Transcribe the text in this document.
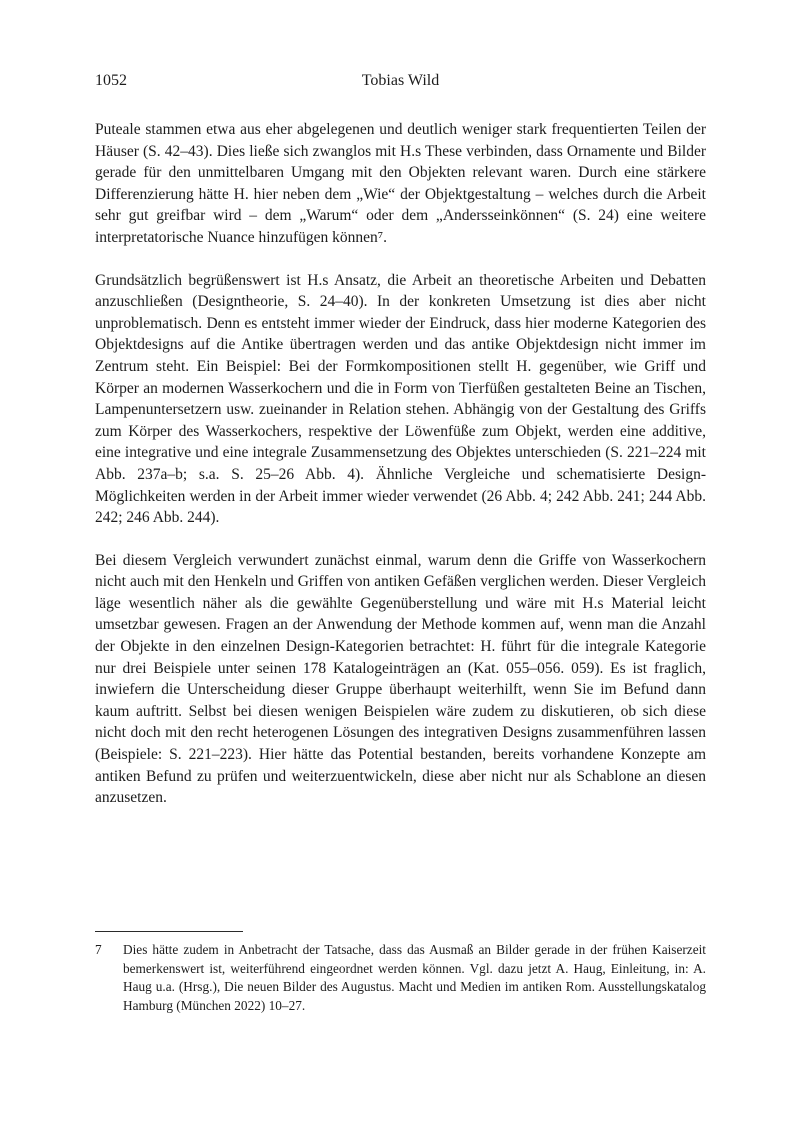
1052	Tobias Wild

Puteale stammen etwa aus eher abgelegenen und deutlich weniger stark frequentierten Teilen der Häuser (S. 42–43). Dies ließe sich zwanglos mit H.s These verbinden, dass Ornamente und Bilder gerade für den unmittelbaren Umgang mit den Objekten relevant waren. Durch eine stärkere Differenzierung hätte H. hier neben dem „Wie“ der Objektgestaltung – welches durch die Arbeit sehr gut greifbar wird – dem „Warum“ oder dem „Andersseinkönnen“ (S. 24) eine weitere interpretatorische Nuance hinzufügen können⁷.

Grundsätzlich begrüßenswert ist H.s Ansatz, die Arbeit an theoretische Arbeiten und Debatten anzuschließen (Designtheorie, S. 24–40). In der konkreten Umsetzung ist dies aber nicht unproblematisch. Denn es entsteht immer wieder der Eindruck, dass hier moderne Kategorien des Objektdesigns auf die Antike übertragen werden und das antike Objektdesign nicht immer im Zentrum steht. Ein Beispiel: Bei der Formkompositionen stellt H. gegenüber, wie Griff und Körper an modernen Wasserkochern und die in Form von Tierfüßen gestalteten Beine an Tischen, Lampenuntersetzern usw. zueinander in Relation stehen. Abhängig von der Gestaltung des Griffs zum Körper des Wasserkochers, respektive der Löwenfüße zum Objekt, werden eine additive, eine integrative und eine integrale Zusammensetzung des Objektes unterschieden (S. 221–224 mit Abb. 237a–b; s.a. S. 25–26 Abb. 4). Ähnliche Vergleiche und schematisierte Design-Möglichkeiten werden in der Arbeit immer wieder verwendet (26 Abb. 4; 242 Abb. 241; 244 Abb. 242; 246 Abb. 244).

Bei diesem Vergleich verwundert zunächst einmal, warum denn die Griffe von Wasserkochern nicht auch mit den Henkeln und Griffen von antiken Gefäßen verglichen werden. Dieser Vergleich läge wesentlich näher als die gewählte Gegenüberstellung und wäre mit H.s Material leicht umsetzbar gewesen. Fragen an der Anwendung der Methode kommen auf, wenn man die Anzahl der Objekte in den einzelnen Design-Kategorien betrachtet: H. führt für die integrale Kategorie nur drei Beispiele unter seinen 178 Katalogeinträgen an (Kat. 055–056. 059). Es ist fraglich, inwiefern die Unterscheidung dieser Gruppe überhaupt weiterhilft, wenn Sie im Befund dann kaum auftritt. Selbst bei diesen wenigen Beispielen wäre zudem zu diskutieren, ob sich diese nicht doch mit den recht heterogenen Lösungen des integrativen Designs zusammenführen lassen (Beispiele: S. 221–223). Hier hätte das Potential bestanden, bereits vorhandene Konzepte am antiken Befund zu prüfen und weiterzuentwickeln, diese aber nicht nur als Schablone an diesen anzusetzen.

7	Dies hätte zudem in Anbetracht der Tatsache, dass das Ausmaß an Bilder gerade in der frühen Kaiserzeit bemerkenswert ist, weiterführend eingeordnet werden können. Vgl. dazu jetzt A. Haug, Einleitung, in: A. Haug u.a. (Hrsg.), Die neuen Bilder des Augustus. Macht und Medien im antiken Rom. Ausstellungskatalog Hamburg (München 2022) 10–27.
